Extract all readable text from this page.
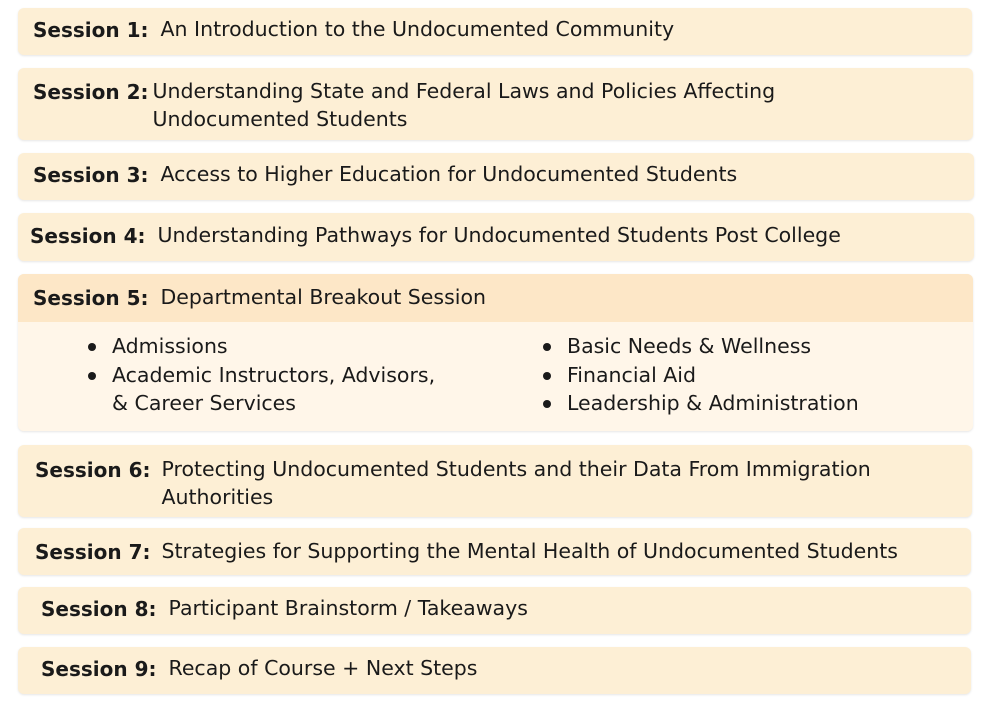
Session 1: An Introduction to the Undocumented Community
Session 2: Understanding State and Federal Laws and Policies Affecting
Undocumented Students
Session 3: Access to Higher Education for Undocumented Students
Session 4: Understanding Pathways for Undocumented Students Post College
Session 5: Departmental Breakout Session
Admissions
Academic Instructors, Advisors,
& Career Services
Basic Needs & Wellness
Financial Aid
Leadership & Administration
Session 6: Protecting Undocumented Students and their Data From Immigration
Authorities
Session 7: Strategies for Supporting the Mental Health of Undocumented Students
Session 8: Participant Brainstorm / Takeaways
Session 9: Recap of Course + Next Steps
